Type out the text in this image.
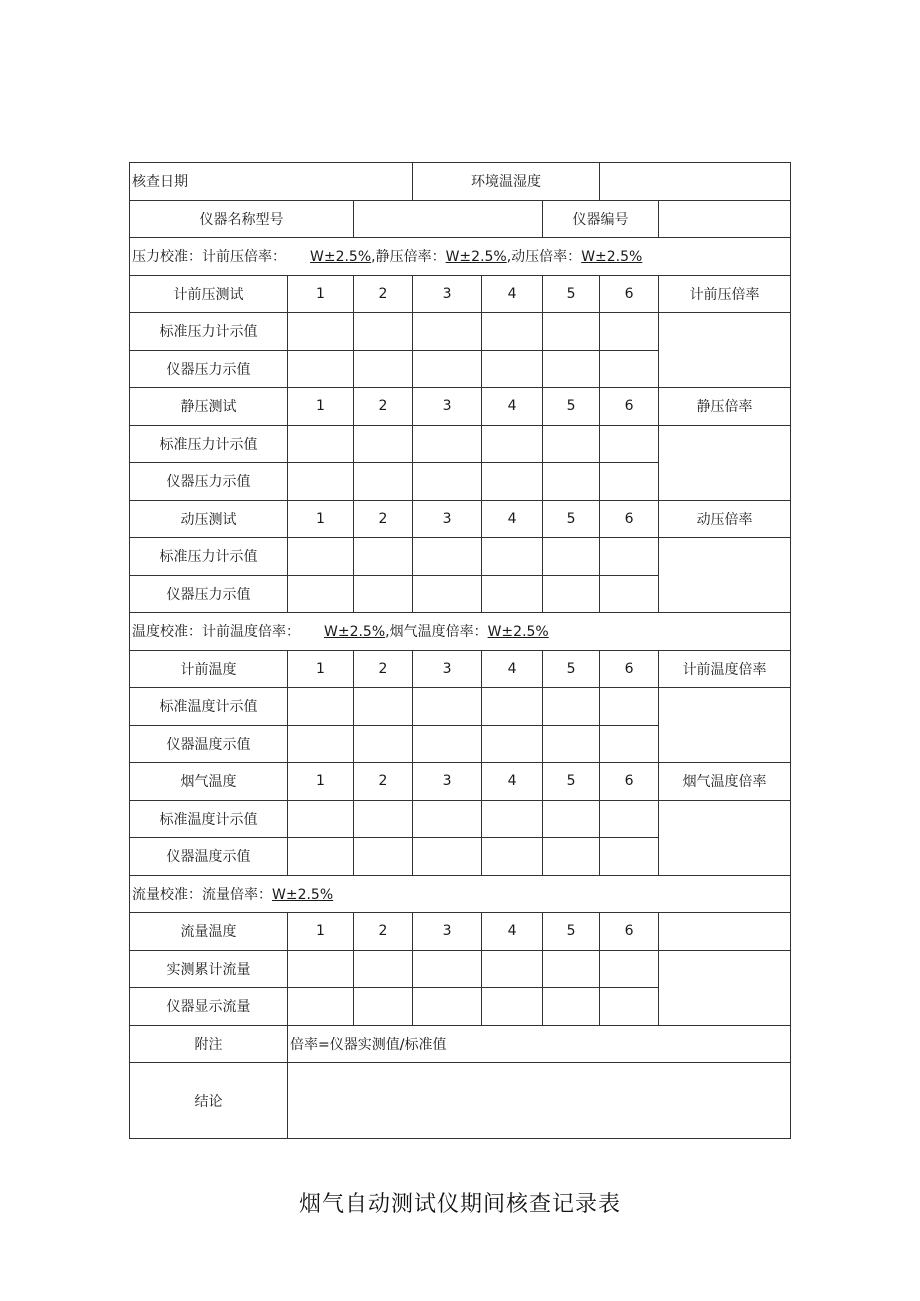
核查日期			环境温湿度				
仪器名称型号					仪器编号		
压力校准：计前压倍率： W±2.5%,静压倍率：W±2.5%,动压倍率：W±2.5%							
计前压测试	1	2	3	4	5	6	计前压倍率
标准压力计示值							
仪器压力示值							
静压测试	1	2	3	4	5	6	静压倍率
标准压力计示值							
仪器压力示值							
动压测试	1	2	3	4	5	6	动压倍率
标准压力计示值							
仪器压力示值							
温度校准：计前温度倍率： W±2.5%,烟气温度倍率：W±2.5%							
计前温度	1	2	3	4	5	6	计前温度倍率
标准温度计示值							
仪器温度示值							
烟气温度	1	2	3	4	5	6	烟气温度倍率
标准温度计示值							
仪器温度示值							
流量校准：流量倍率：W±2.5%							
流量温度	1	2	3	4	5	6	
实测累计流量							
仪器显示流量							
附注	倍率=仪器实测值/标准值						
结论							
烟气自动测试仪期间核查记录表
